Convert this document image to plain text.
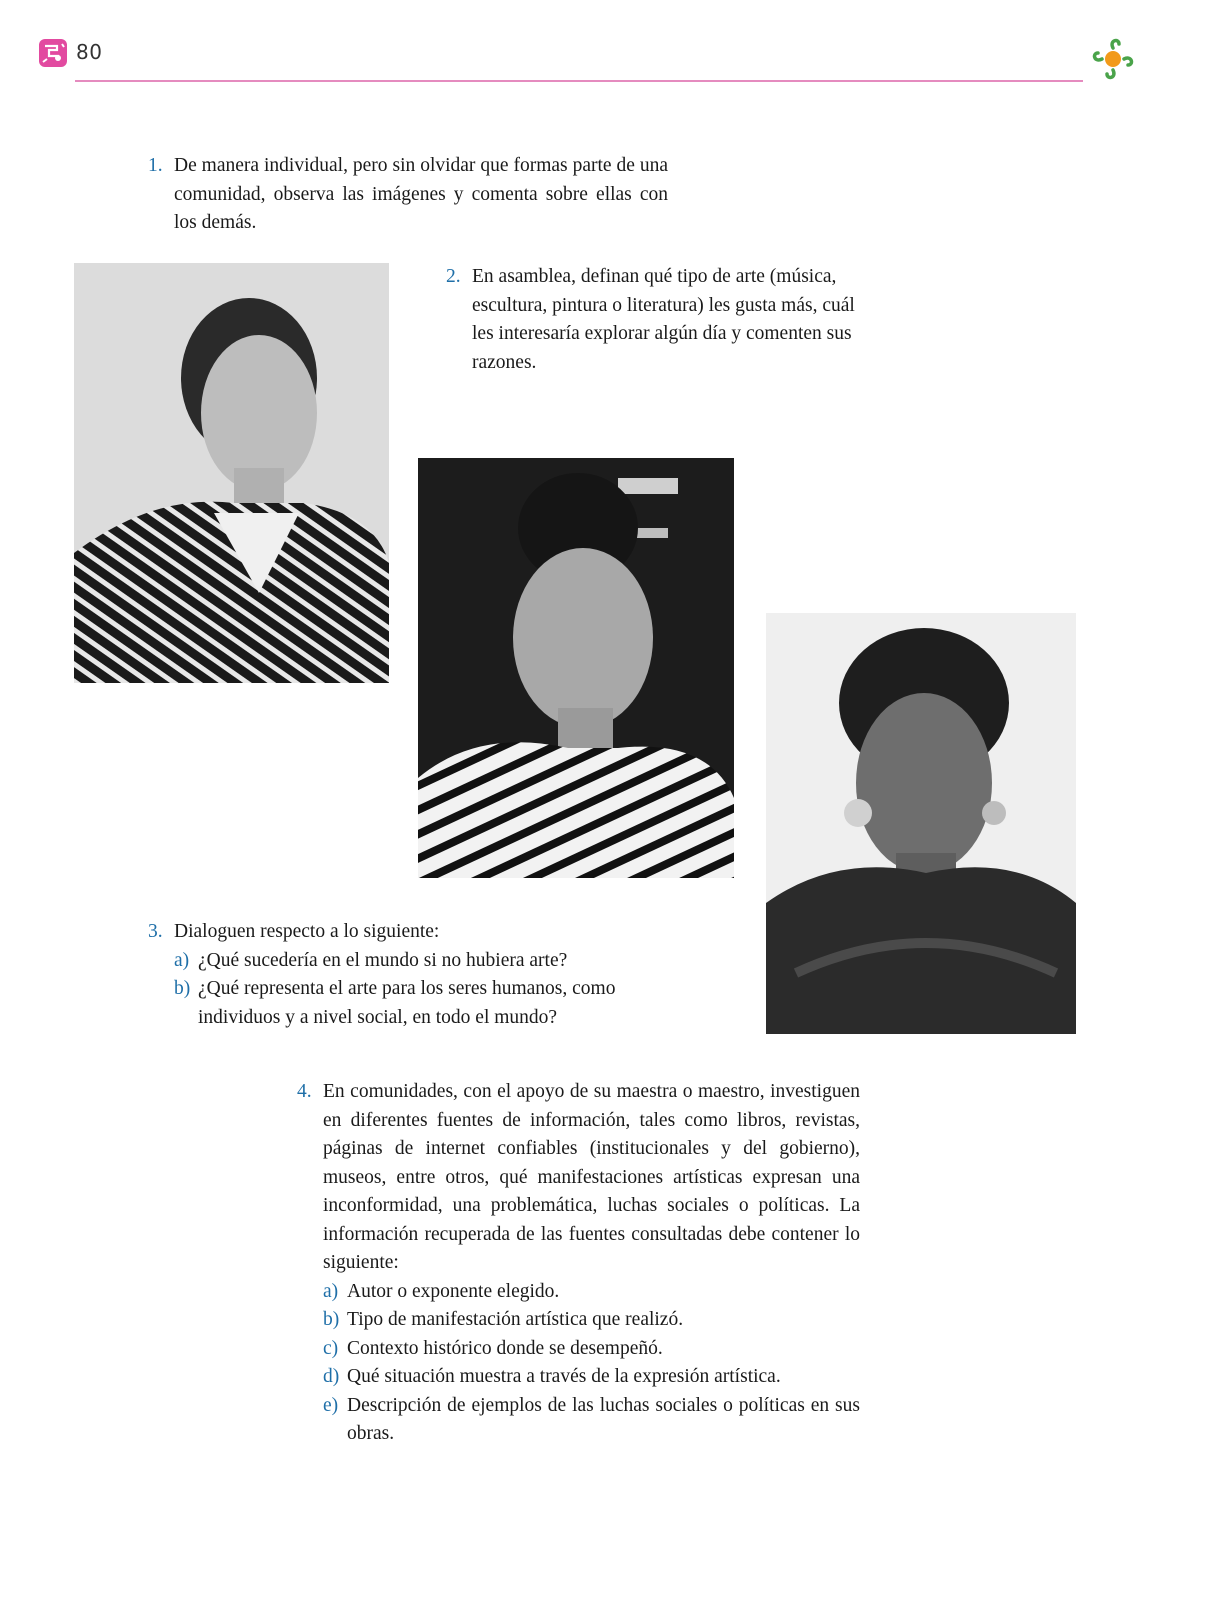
80
1. De manera individual, pero sin olvidar que formas parte de una comunidad, observa las imágenes y comenta sobre ellas con los demás.
2. En asamblea, definan qué tipo de arte (música, escultura, pintura o literatura) les gusta más, cuál les interesaría explorar algún día y comenten sus razones.
3. Dialoguen respecto a lo siguiente:
a) ¿Qué sucedería en el mundo si no hubiera arte?
b) ¿Qué representa el arte para los seres humanos, como individuos y a nivel social, en todo el mundo?
4. En comunidades, con el apoyo de su maestra o maestro, investiguen en diferentes fuentes de información, tales como libros, revistas, páginas de internet confiables (institucionales y del gobierno), museos, entre otros, qué manifestaciones artísticas expresan una inconformidad, una problemática, luchas sociales o políticas. La información recuperada de las fuentes consultadas debe contener lo siguiente:
a) Autor o exponente elegido.
b) Tipo de manifestación artística que realizó.
c) Contexto histórico donde se desempeñó.
d) Qué situación muestra a través de la expresión artística.
e) Descripción de ejemplos de las luchas sociales o políticas en sus obras.
